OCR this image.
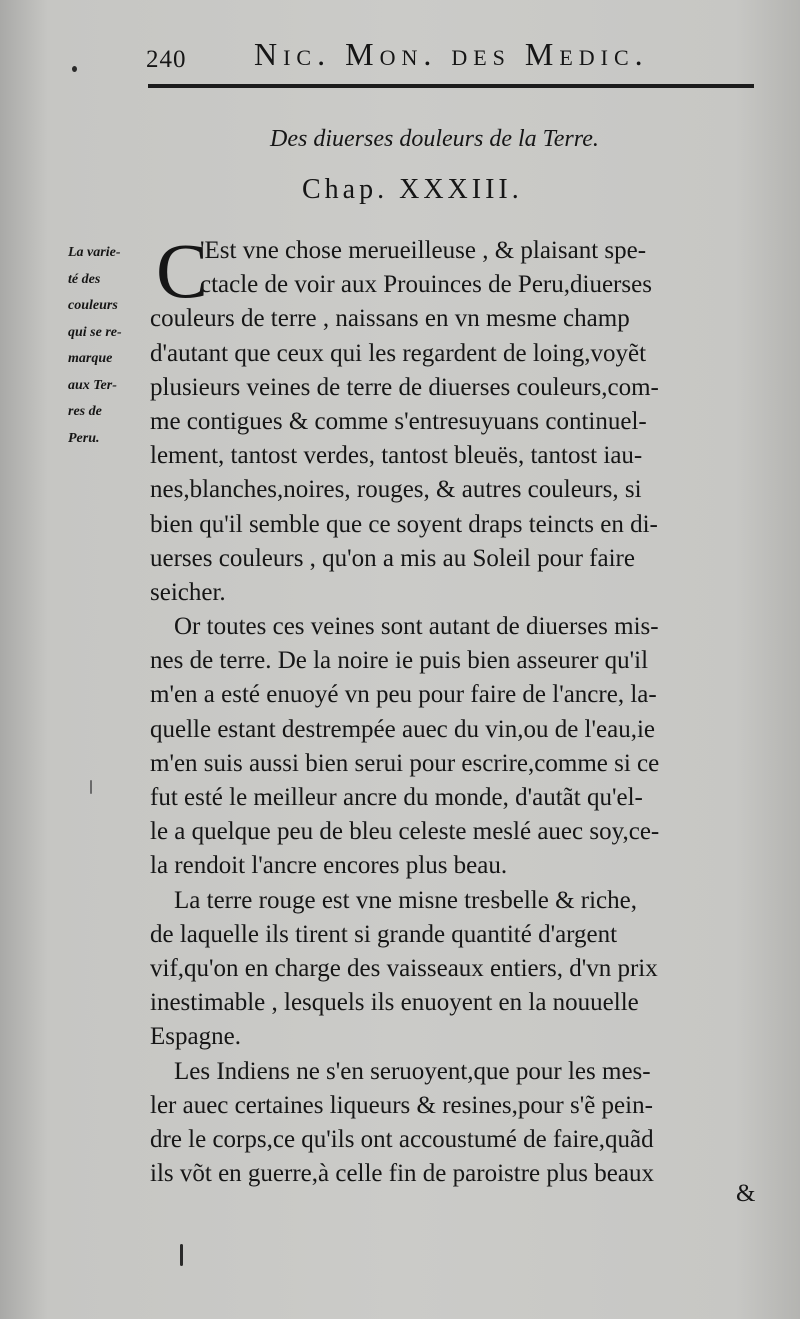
240 Nic. Mon. des Medic.
Des diuerses douleurs de la Terre.
Chap. XXXIII.
La varie-
té des
couleurs
qui se re-
marque
aux Ter-
res de
Peru.
C
'Est vne chose merueilleuse , & plaisant spe-
ctacle de voir aux Prouinces de Peru,diuerses
couleurs de terre , naissans en vn mesme champ
d'autant que ceux qui les regardent de loing,voyẽt
plusieurs veines de terre de diuerses couleurs,com-
me contigues & comme s'entresuyuans continuel-
lement, tantost verdes, tantost bleuës, tantost iau-
nes,blanches,noires, rouges, & autres couleurs, si
bien qu'il semble que ce soyent draps teincts en di-
uerses couleurs , qu'on a mis au Soleil pour faire
seicher.
Or toutes ces veines sont autant de diuerses mis-
nes de terre. De la noire ie puis bien asseurer qu'il
m'en a esté enuoyé vn peu pour faire de l'ancre, la-
quelle estant destrempée auec du vin,ou de l'eau,ie
m'en suis aussi bien serui pour escrire,comme si ce
fut esté le meilleur ancre du monde, d'autãt qu'el-
le a quelque peu de bleu celeste meslé auec soy,ce-
la rendoit l'ancre encores plus beau.
La terre rouge est vne misne tresbelle & riche,
de laquelle ils tirent si grande quantité d'argent
vif,qu'on en charge des vaisseaux entiers, d'vn prix
inestimable , lesquels ils enuoyent en la nouuelle
Espagne.
Les Indiens ne s'en seruoyent,que pour les mes-
ler auec certaines liqueurs & resines,pour s'ẽ pein-
dre le corps,ce qu'ils ont accoustumé de faire,quãd
ils võt en guerre,à celle fin de paroistre plus beaux
&
